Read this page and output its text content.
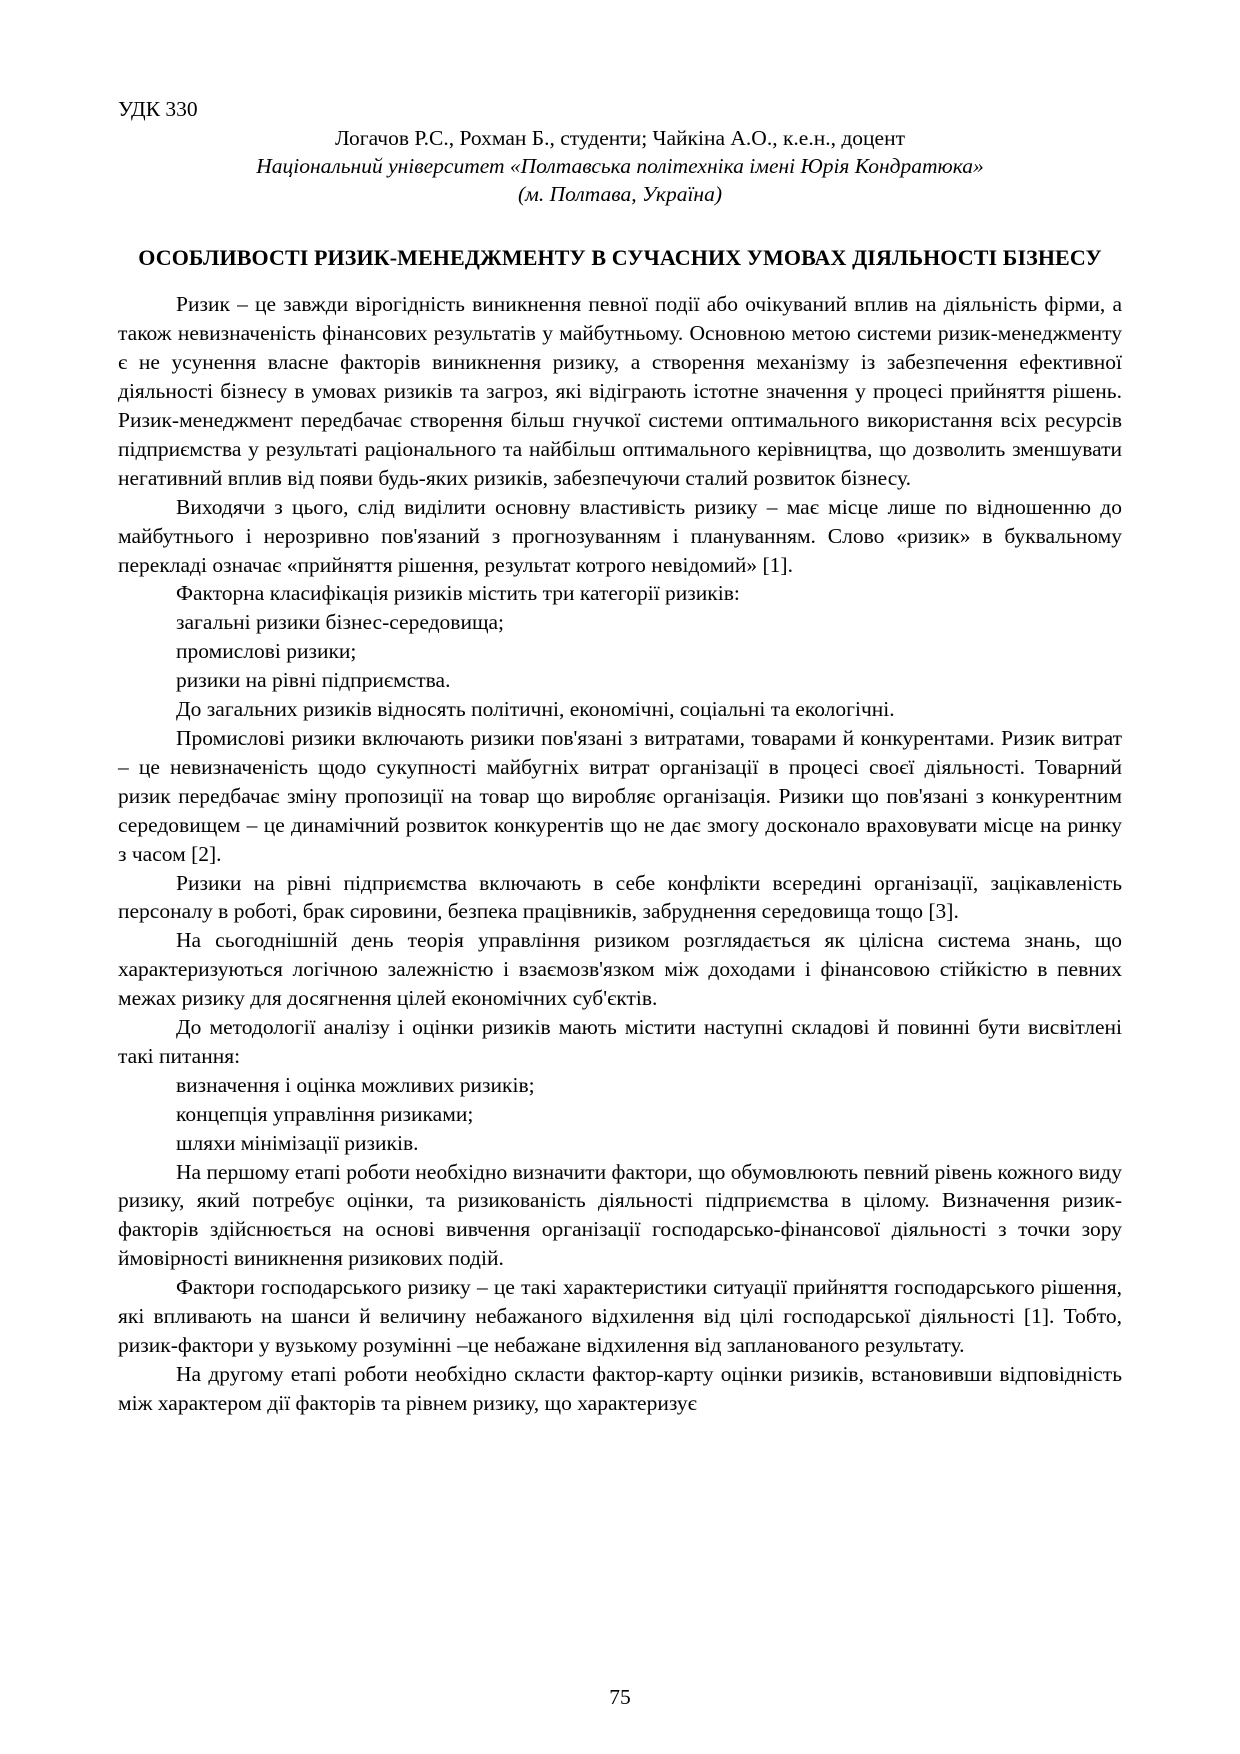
УДК 330
Логачов Р.С., Рохман Б., студенти; Чайкіна А.О., к.е.н., доцент
Національний університет «Полтавська політехніка імені Юрія Кондратюка»
(м. Полтава, Україна)
ОСОБЛИВОСТІ РИЗИК-МЕНЕДЖМЕНТУ В СУЧАСНИХ УМОВАХ ДІЯЛЬНОСТІ БІЗНЕСУ

Ризик – це завжди вірогідність виникнення певної події або очікуваний вплив на діяльність фірми, а також невизначеність фінансових результатів у майбутньому. Основною метою системи ризик-менеджменту є не усунення власне факторів виникнення ризику, а створення механізму із забезпечення ефективної діяльності бізнесу в умовах ризиків та загроз, які відіграють істотне значення у процесі прийняття рішень. Ризик-менеджмент передбачає створення більш гнучкої системи оптимального використання всіх ресурсів підприємства у результаті раціонального та найбільш оптимального керівництва, що дозволить зменшувати негативний вплив від появи будь-яких ризиків, забезпечуючи сталий розвиток бізнесу.

Виходячи з цього, слід виділити основну властивість ризику – має місце лише по відношенню до майбутнього і нерозривно пов'язаний з прогнозуванням і плануванням. Слово «ризик» в буквальному перекладі означає «прийняття рішення, результат котрого невідомий» [1].

Факторна класифікація ризиків містить три категорії ризиків:

загальні ризики бізнес-середовища;

промислові ризики;

ризики на рівні підприємства.

До загальних ризиків відносять політичні, економічні, соціальні та екологічні.

Промислові ризики включають ризики пов'язані з витратами, товарами й конкурентами. Ризик витрат – це невизначеність щодо сукупності майбугніх витрат організації в процесі своєї діяльності. Товарний ризик передбачає зміну пропозиції на товар що виробляє організація. Ризики що пов'язані з конкурентним середовищем – це динамічний розвиток конкурентів що не дає змогу досконало враховувати місце на ринку з часом [2].

Ризики на рівні підприємства включають в себе конфлікти всередині організації, зацікавленість персоналу в роботі, брак сировини, безпека працівників, забруднення середовища тощо [3].

На сьогоднішній день теорія управління ризиком розглядається як цілісна система знань, що характеризуються логічною залежністю і взаємозв'язком між доходами і фінансовою стійкістю в певних межах ризику для досягнення цілей економічних суб'єктів.

До методології аналізу і оцінки ризиків мають містити наступні складові й повинні бути висвітлені такі питання:

визначення і оцінка можливих ризиків;

концепція управління ризиками;

шляхи мінімізації ризиків.

На першому етапі роботи необхідно визначити фактори, що обумовлюють певний рівень кожного виду ризику, який потребує оцінки, та ризикованість діяльності підприємства в цілому. Визначення ризик-факторів здійснюється на основі вивчення організації господарсько-фінансової діяльності з точки зору ймовірності виникнення ризикових подій.

Фактори господарського ризику – це такі характеристики ситуації прийняття господарського рішення, які впливають на шанси й величину небажаного відхилення від цілі господарської діяльності [1]. Тобто, ризик-фактори у вузькому розумінні –це небажане відхилення від запланованого результату.

На другому етапі роботи необхідно скласти фактор-карту оцінки ризиків, встановивши відповідність між характером дії факторів та рівнем ризику, що характеризує

75
